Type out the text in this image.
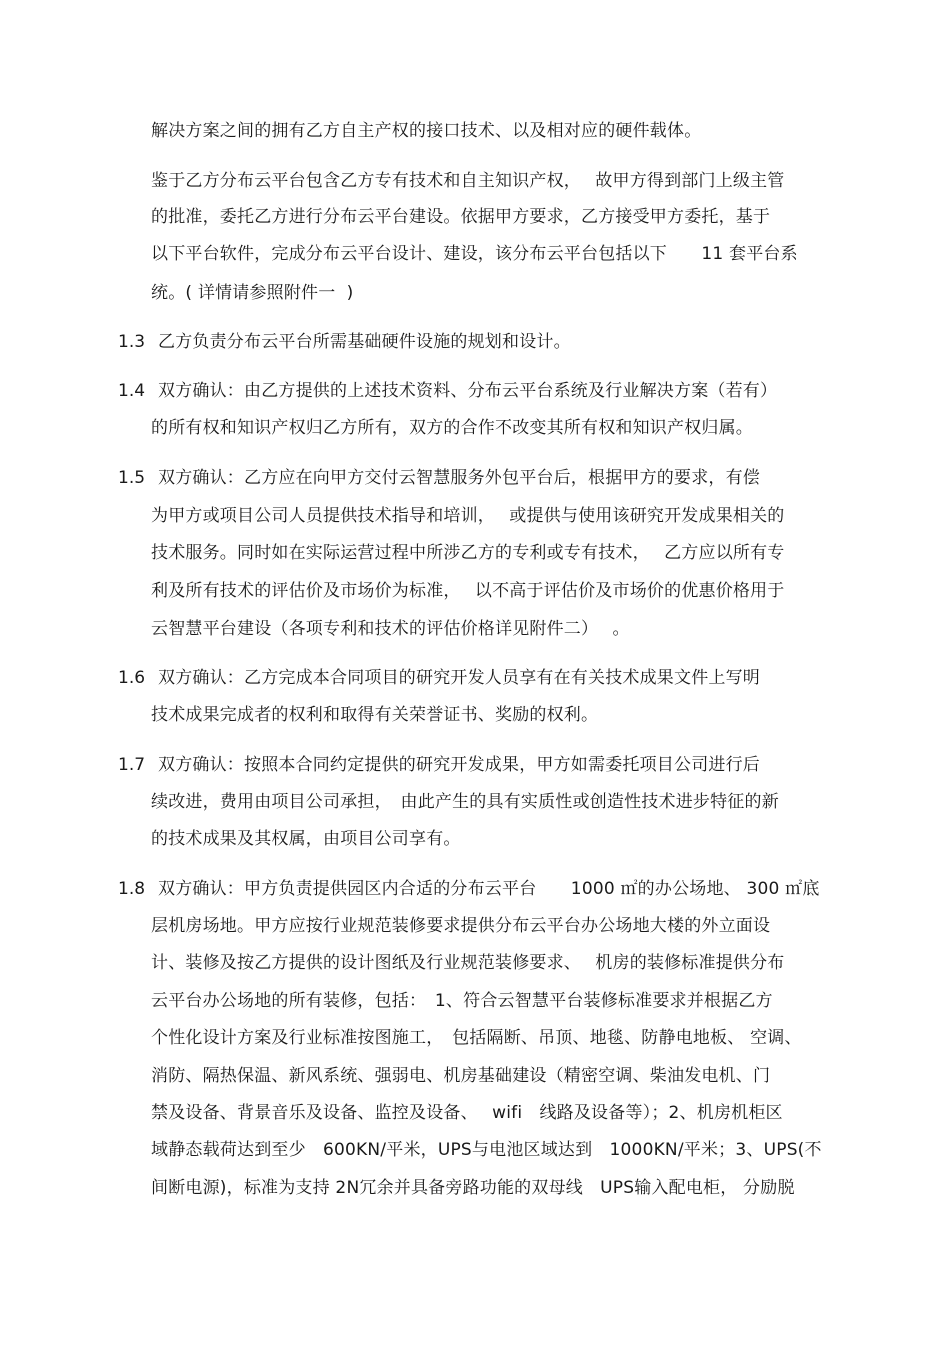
解决方案之间的拥有乙方自主产权的接口技术、以及相对应的硬件载体。
鉴于乙方分布云平台包含乙方专有技术和自主知识产权，　 故甲方得到部门上级主管
的批准，委托乙方进行分布云平台建设。依据甲方要求，乙方接受甲方委托，基于
以下平台软件，完成分布云平台设计、建设，该分布云平台包括以下　　11 套平台系
统。( 详情请参照附件一  )
1.3 乙方负责分布云平台所需基础硬件设施的规划和设计。
1.4 双方确认：由乙方提供的上述技术资料、分布云平台系统及行业解决方案（若有）
的所有权和知识产权归乙方所有，双方的合作不改变其所有权和知识产权归属。
1.5 双方确认：乙方应在向甲方交付云智慧服务外包平台后，根据甲方的要求，有偿
为甲方或项目公司人员提供技术指导和培训，　 或提供与使用该研究开发成果相关的
技术服务。同时如在实际运营过程中所涉乙方的专利或专有技术，　 乙方应以所有专
利及所有技术的评估价及市场价为标准，　 以不高于评估价及市场价的优惠价格用于
云智慧平台建设（各项专利和技术的评估价格详见附件二）　 。
1.6 双方确认：乙方完成本合同项目的研究开发人员享有在有关技术成果文件上写明
技术成果完成者的权利和取得有关荣誉证书、奖励的权利。
1.7 双方确认：按照本合同约定提供的研究开发成果，甲方如需委托项目公司进行后
续改进，费用由项目公司承担，　由此产生的具有实质性或创造性技术进步特征的新
的技术成果及其权属，由项目公司享有。
1.8 双方确认：甲方负责提供园区内合适的分布云平台　　1000 ㎡的办公场地、 300 ㎡底
层机房场地。甲方应按行业规范装修要求提供分布云平台办公场地大楼的外立面设
计、装修及按乙方提供的设计图纸及行业规范装修要求、　 机房的装修标准提供分布
云平台办公场地的所有装修，包括：　1、符合云智慧平台装修标准要求并根据乙方
个性化设计方案及行业标准按图施工，　包括隔断、吊顶、地毯、防静电地板、 空调、
消防、隔热保温、新风系统、强弱电、机房基础建设（精密空调、柴油发电机、门
禁及设备、背景音乐及设备、监控及设备、　 wifi　线路及设备等）；2、机房机柜区
域静态载荷达到至少　600KN/平米，UPS与电池区域达到　1000KN/平米；3、UPS(不
间断电源)，标准为支持 2N冗余并具备旁路功能的双母线　UPS输入配电柜， 分励脱
